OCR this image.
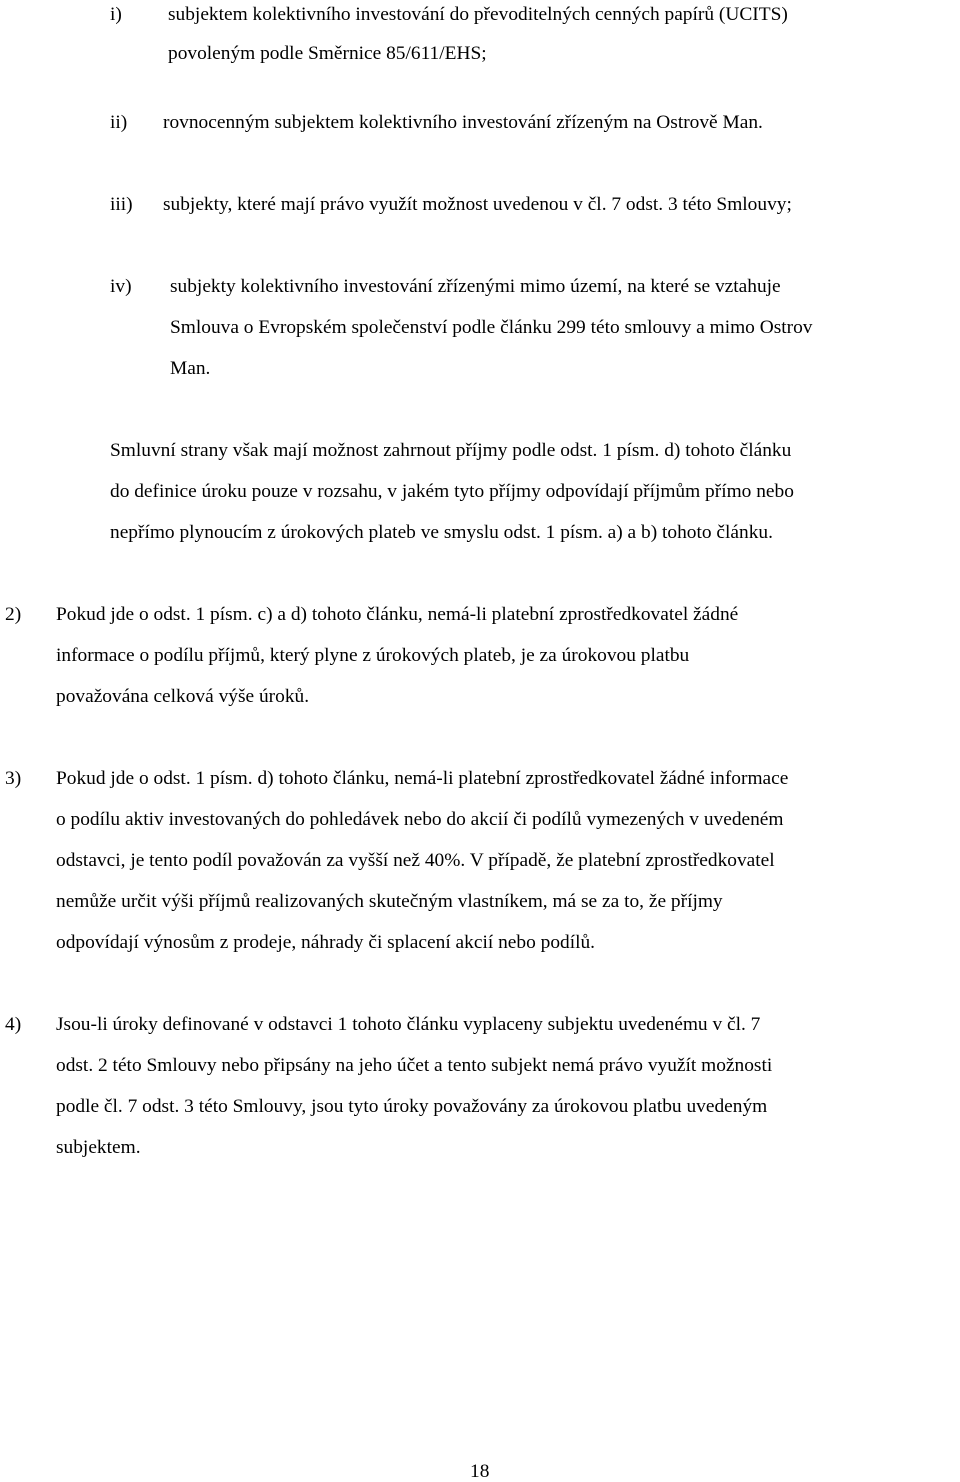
i) subjektem kolektivního investování do převoditelných cenných papírů (UCITS)

povoleným podle Směrnice 85/611/EHS;

ii) rovnocenným subjektem kolektivního investování zřízeným na Ostrově Man.

iii) subjekty, které mají právo využít možnost uvedenou v čl. 7 odst. 3 této Smlouvy;

iv) subjekty kolektivního investování zřízenými mimo území, na které se vztahuje

Smlouva o Evropském společenství podle článku 299 této smlouvy a mimo Ostrov

Man.

Smluvní strany však mají možnost zahrnout příjmy podle odst. 1 písm. d) tohoto článku

do definice úroku pouze v rozsahu, v jakém tyto příjmy odpovídají příjmům přímo nebo

nepřímo plynoucím z úrokových plateb ve smyslu odst. 1 písm. a) a b) tohoto článku.

2) Pokud jde o odst. 1 písm. c) a d) tohoto článku, nemá-li platební zprostředkovatel žádné

informace o podílu příjmů, který plyne z úrokových plateb, je za úrokovou platbu

považována celková výše úroků.

3) Pokud jde o odst. 1 písm. d) tohoto článku, nemá-li platební zprostředkovatel žádné informace

o podílu aktiv investovaných do pohledávek nebo do akcií či podílů vymezených v uvedeném

odstavci, je tento podíl považován za vyšší než 40%. V případě, že platební zprostředkovatel

nemůže určit výši příjmů realizovaných skutečným vlastníkem, má se za to, že příjmy

odpovídají výnosům z prodeje, náhrady či splacení akcií nebo podílů.

4) Jsou-li úroky definované v odstavci 1 tohoto článku vyplaceny subjektu uvedenému v čl. 7

odst. 2 této Smlouvy nebo připsány na jeho účet a tento subjekt nemá právo využít možnosti

podle čl. 7 odst. 3 této Smlouvy, jsou tyto úroky považovány za úrokovou platbu uvedeným

subjektem.

18
